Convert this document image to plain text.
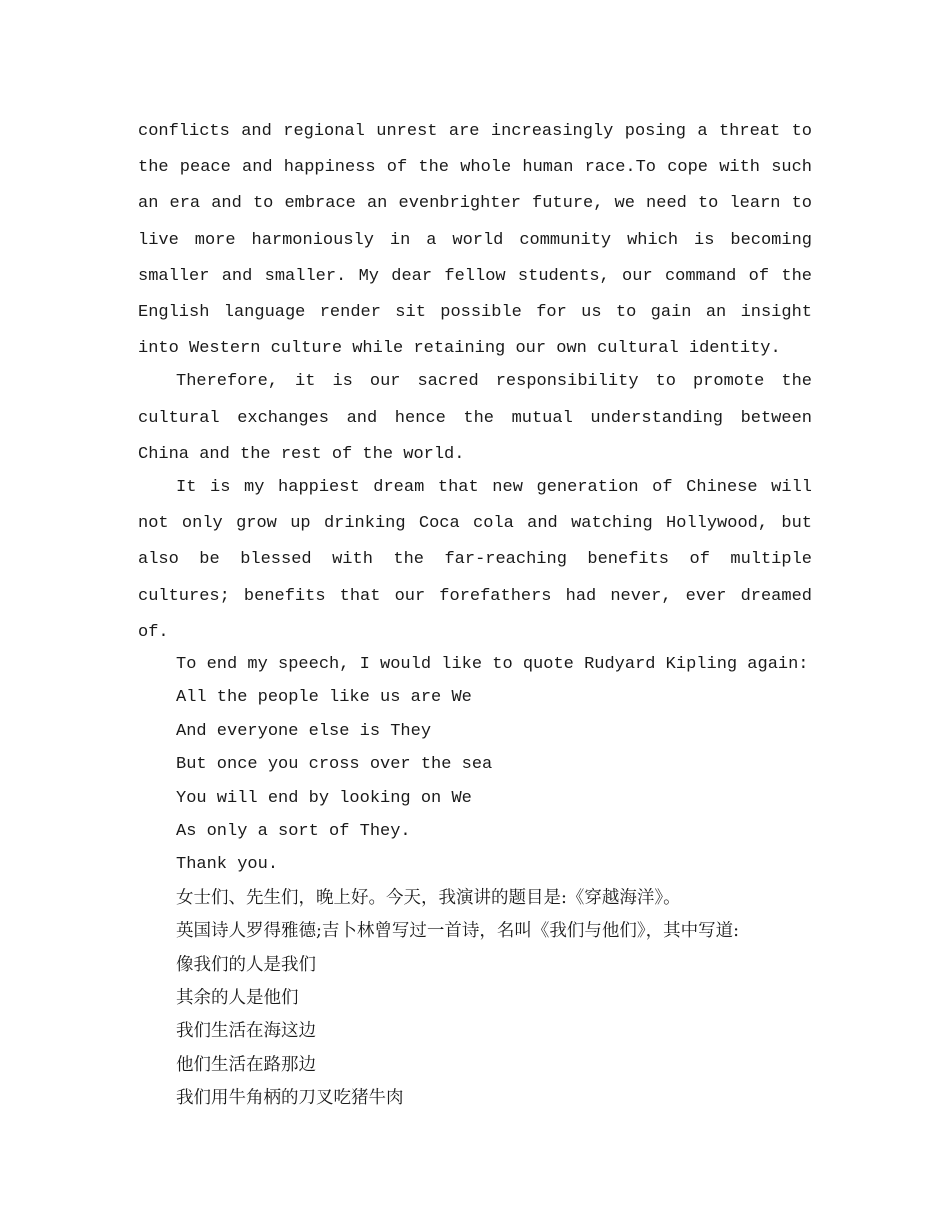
conflicts and regional unrest are increasingly posing a threat to the peace and happiness of the whole human race.To cope with such an era and to embrace an evenbrighter future, we need to learn to live more harmoniously in a world community which is becoming smaller and smaller. My dear fellow students, our command of the English language render sit possible for us to gain an insight into Western culture while retaining our own cultural identity.

Therefore, it is our sacred responsibility to promote the cultural exchanges and hence the mutual understanding between China and the rest of the world.

It is my happiest dream that new generation of Chinese will not only grow up drinking Coca cola and watching Hollywood, but also be blessed with the far-reaching benefits of multiple cultures; benefits that our forefathers had never, ever dreamed of.

To end my speech, I would like to quote Rudyard Kipling again:

All the people like us are We

And everyone else is They

But once you cross over the sea

You will end by looking on We

As only a sort of They.

Thank you.

女士们、先生们，晚上好。今天，我演讲的题目是:《穿越海洋》。

英国诗人罗得雅德;吉卜林曾写过一首诗，名叫《我们与他们》，其中写道:

像我们的人是我们

其余的人是他们

我们生活在海这边

他们生活在路那边

我们用牛角柄的刀叉吃猪牛肉
